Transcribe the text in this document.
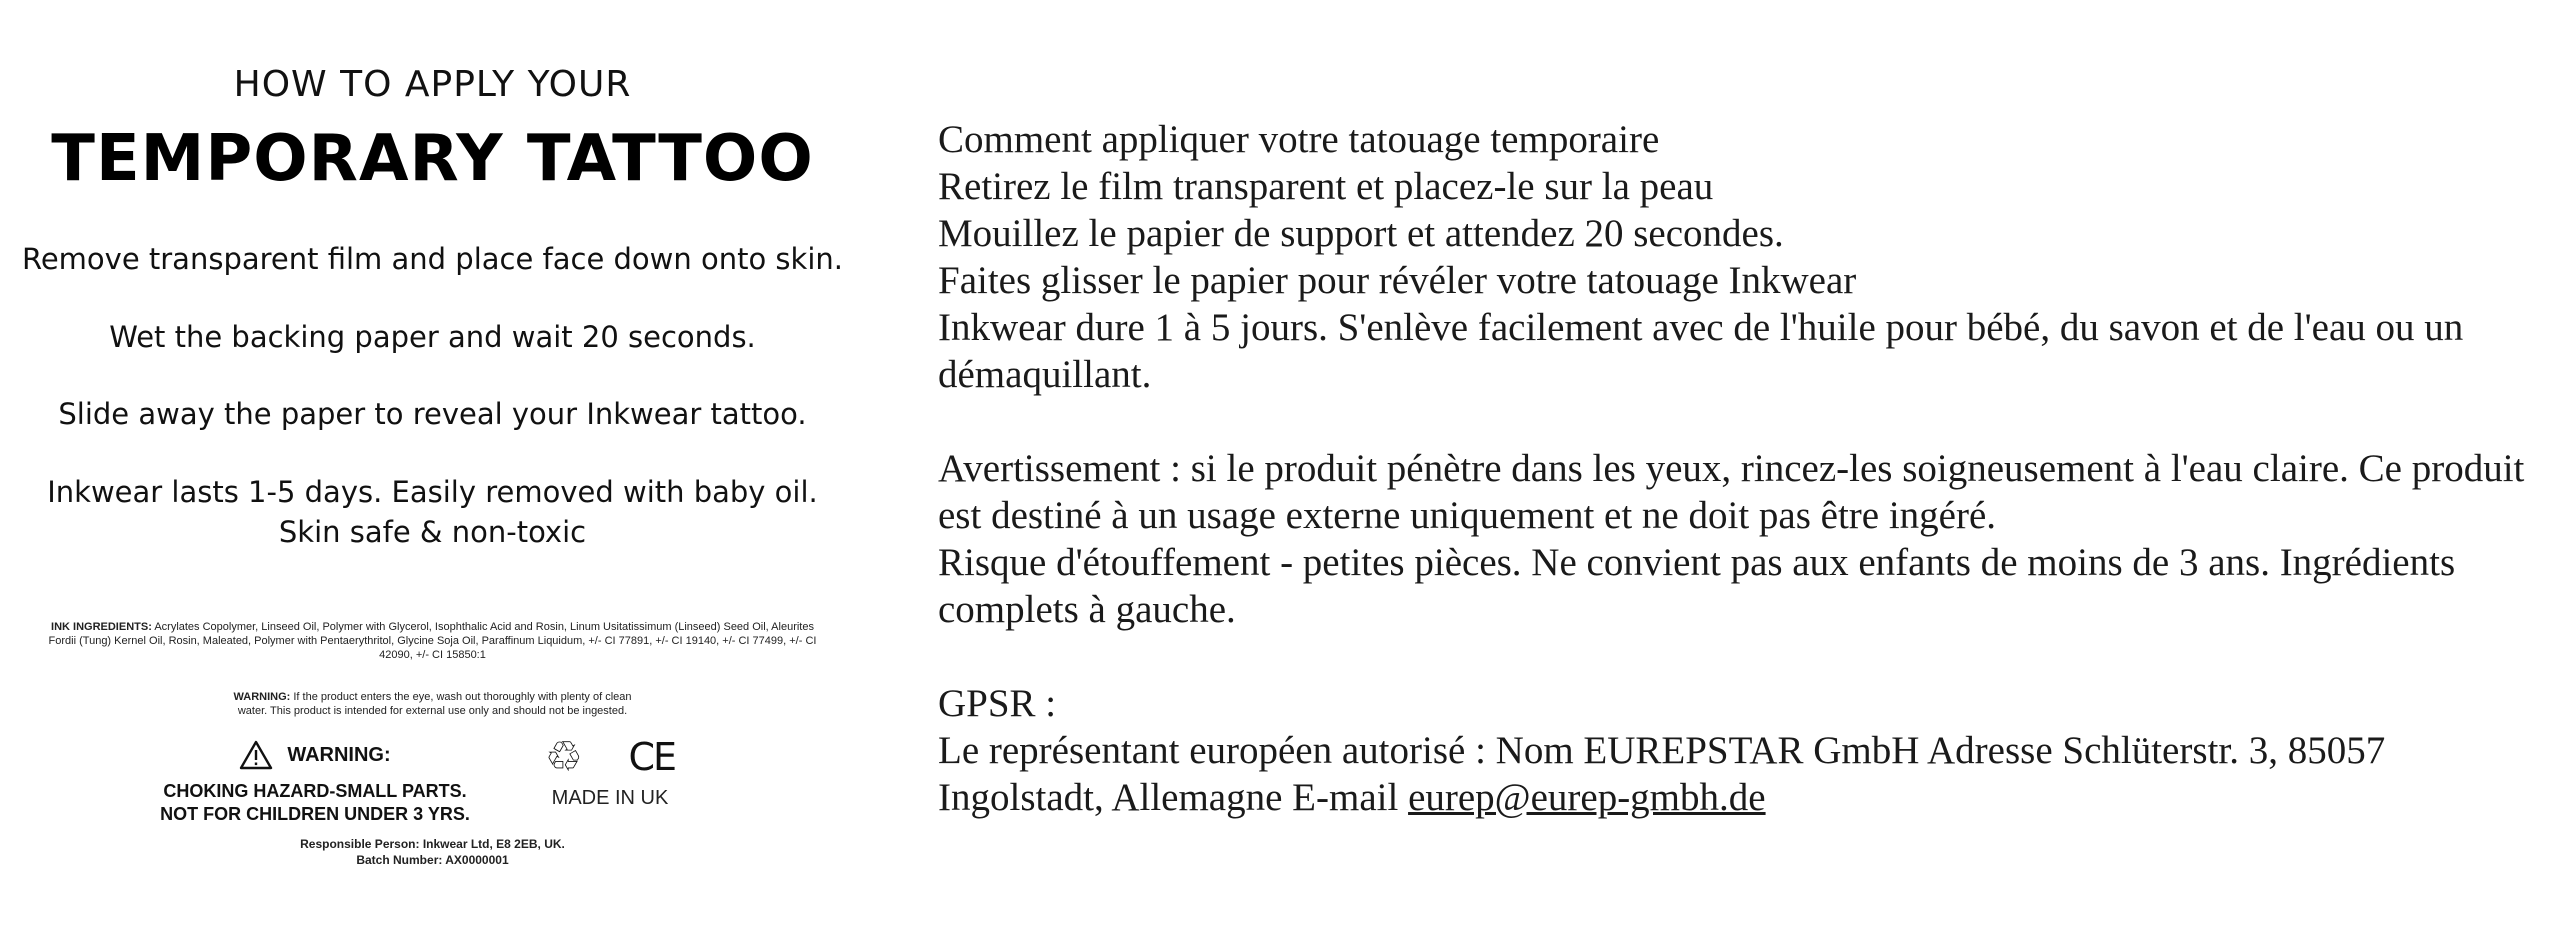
HOW TO APPLY YOUR
TEMPORARY TATTOO
Remove transparent film and place face down onto skin.
Wet the backing paper and wait 20 seconds.
Slide away the paper to reveal your Inkwear tattoo.
Inkwear lasts 1-5 days. Easily removed with baby oil.
Skin safe & non-toxic
INK INGREDIENTS: Acrylates Copolymer, Linseed Oil, Polymer with Glycerol, Isophthalic Acid and Rosin, Linum Usitatissimum (Linseed) Seed Oil, Aleurites Fordii (Tung) Kernel Oil, Rosin, Maleated, Polymer with Pentaerythritol, Glycine Soja Oil, Paraffinum Liquidum, +/- CI 77891, +/- CI 19140, +/- CI 77499, +/- CI 42090, +/- CI 15850:1
WARNING: If the product enters the eye, wash out thoroughly with plenty of clean water. This product is intended for external use only and should not be ingested.
WARNING:
CHOKING HAZARD-SMALL PARTS.
NOT FOR CHILDREN UNDER 3 YRS.
♲ CE
MADE IN UK
Responsible Person: Inkwear Ltd, E8 2EB, UK.
Batch Number: AX0000001

Comment appliquer votre tatouage temporaire

Retirez le film transparent et placez-le sur la peau

Mouillez le papier de support et attendez 20 secondes.

Faites glisser le papier pour révéler votre tatouage Inkwear

Inkwear dure 1 à 5 jours. S'enlève facilement avec de l'huile pour bébé, du savon et de l'eau ou un démaquillant.

Avertissement : si le produit pénètre dans les yeux, rincez-les soigneusement à l'eau claire. Ce produit est destiné à un usage externe uniquement et ne doit pas être ingéré.

Risque d'étouffement - petites pièces. Ne convient pas aux enfants de moins de 3 ans. Ingrédients complets à gauche.

GPSR :

Le représentant européen autorisé : Nom EUREPSTAR GmbH Adresse Schlüterstr. 3, 85057 Ingolstadt, Allemagne E-mail eurep@eurep-gmbh.de
